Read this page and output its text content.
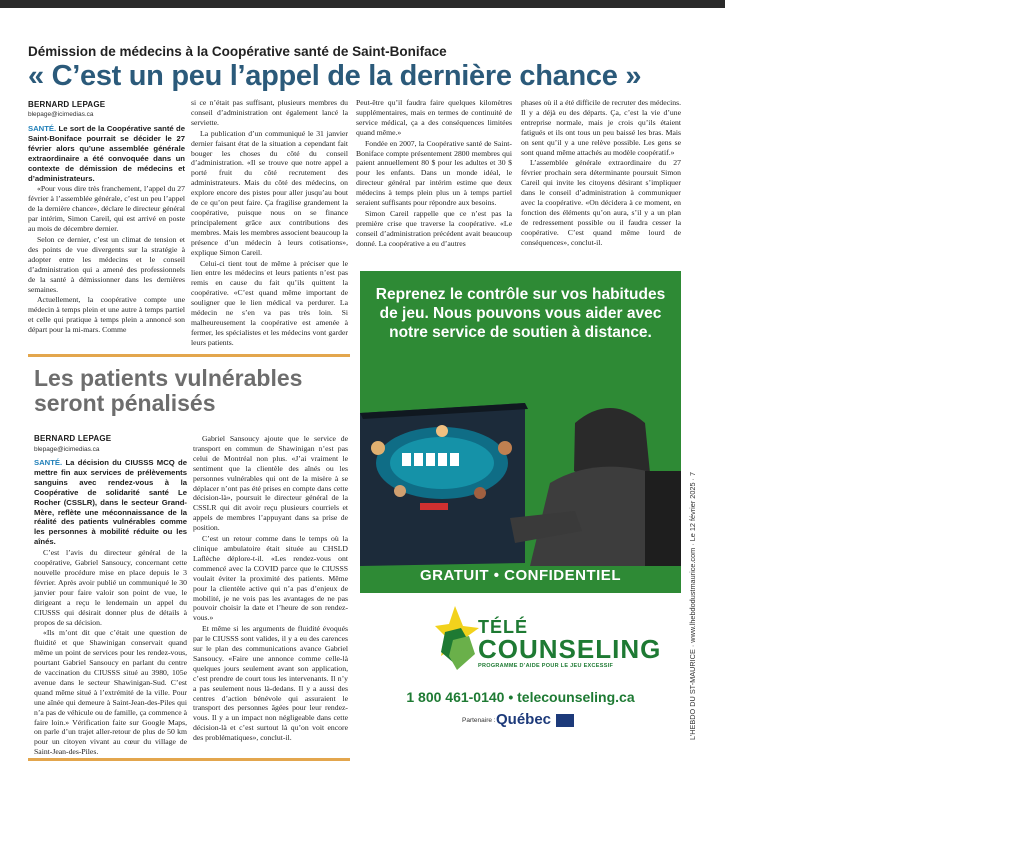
Démission de médecins à la Coopérative santé de Saint-Boniface
« C’est un peu l’appel de la dernière chance »
BERNARD LEPAGE
blepage@icimedias.ca

SANTÉ. Le sort de la Coopérative santé de Saint-Boniface pourrait se décider le 27 février alors qu’une assemblée générale extraordinaire a été convoquée dans un contexte de démission de médecins et d’administrateurs.

«Pour vous dire très franchement, l’appel du 27 février à l’assemblée générale, c’est un peu l’appel de la dernière chance», déclare le directeur général par intérim, Simon Careil, qui est arrivé en poste au mois de décembre dernier.

Selon ce dernier, c’est un climat de tension et des points de vue divergents sur la stratégie à adopter entre les médecins et le conseil d’administration qui a amené des professionnels de la santé à démissionner dans les dernières semaines.

Actuellement, la coopérative compte une médecin à temps plein et une autre à temps partiel et celle qui pratique à temps plein a annoncé son départ pour la mi-mars. Comme

si ce n’était pas suffisant, plusieurs membres du conseil d’administration ont également lancé la serviette.

La publication d’un communiqué le 31 janvier dernier faisant état de la situation a cependant fait bouger les choses du côté du conseil d’administration. «Il se trouve que notre appel a porté fruit du côté recrutement des administrateurs. Mais du côté des médecins, on explore encore des pistes pour aller jusqu’au bout de ce qu’on peut faire. Ça fragilise grandement la coopérative, puisque nous on se finance principalement grâce aux contributions des membres. Mais les membres associent beaucoup la présence d’un médecin à leurs cotisations», explique Simon Careil.

Celui-ci tient tout de même à préciser que le lien entre les médecins et leurs patients n’est pas remis en cause du fait qu’ils quittent la coopérative. «C’est quand même important de souligner que le lien médical va perdurer. La médecin ne s’en va pas très loin. Si malheureusement la coopérative est amenée à fermer, les spécialistes et les médecins vont garder leurs patients.

Peut-être qu’il faudra faire quelques kilomètres supplémentaires, mais en termes de continuité de service médical, ça a des conséquences limitées quand même.»

Fondée en 2007, la Coopérative santé de Saint-Boniface compte présentement 2800 membres qui paient annuellement 80 $ pour les adultes et 30 $ pour les enfants. Dans un monde idéal, le directeur général par intérim estime que deux médecins à temps plein plus un à temps partiel seraient suffisants pour répondre aux besoins.

Simon Careil rappelle que ce n’est pas la première crise que traverse la coopérative. «Le conseil d’administration précédent avait beaucoup donné. La coopérative a eu d’autres

phases où il a été difficile de recruter des médecins. Il y a déjà eu des départs. Ça, c’est la vie d’une entreprise normale, mais je crois qu’ils étaient fatigués et ils ont tous un peu baissé les bras. Mais on sent qu’il y a une relève possible. Les gens se sont quand même attachés au modèle coopératif.»

L’assemblée générale extraordinaire du 27 février prochain sera déterminante poursuit Simon Careil qui invite les citoyens désirant s’impliquer dans le conseil d’administration à communiquer avec la coopérative. «On décidera à ce moment, en fonction des éléments qu’on aura, s’il y a un plan de redressement possible ou il faudra cesser la coopérative. C’est quand même lourd de conséquences», conclut-il.

Les patients vulnérables seront pénalisés
BERNARD LEPAGE
blepage@icimedias.ca

SANTÉ. La décision du CIUSSS MCQ de mettre fin aux services de prélèvements sanguins avec rendez-vous à la Coopérative de solidarité santé Le Rocher (CSSLR), dans le secteur Grand-Mère, reflète une méconnaissance de la réalité des patients vulnérables comme les personnes à mobilité réduite ou les aînés.

C’est l’avis du directeur général de la coopérative, Gabriel Sansoucy, concernant cette nouvelle procédure mise en place depuis le 3 février. Après avoir publié un communiqué le 30 janvier pour faire valoir son point de vue, le dirigeant a reçu le lendemain un appel du CIUSSS qui désirait donner plus de détails à propos de sa décision.

«Ils m’ont dit que c’était une question de fluidité et que Shawinigan conservait quand même un point de services pour les rendez-vous, pourtant Gabriel Sansoucy en parlant du centre de vaccination du CIUSSS situé au 3980, 105e avenue dans le secteur Shawinigan-Sud. C’est quand même situé à l’extrémité de la ville. Pour une aînée qui demeure à Saint-Jean-des-Piles qui n’a pas de véhicule ou de famille, ça commence à faire loin.» Vérification faite sur Google Maps, on parle d’un trajet aller-retour de plus de 50 km pour un citoyen vivant au cœur du village de Saint-Jean-des-Piles.

Gabriel Sansoucy ajoute que le service de transport en commun de Shawinigan n’est pas celui de Montréal non plus. «J’ai vraiment le sentiment que la clientèle des aînés ou les personnes vulnérables qui ont de la misère à se déplacer n’ont pas été prises en compte dans cette décision-là», poursuit le directeur général de la CSSLR qui dit avoir reçu plusieurs courriels et appels de membres l’appuyant dans sa prise de position.

C’est un retour comme dans le temps où la clinique ambulatoire était située au CHSLD Laflèche déplore-t-il. «Les rendez-vous ont commencé avec la COVID parce que le CIUSSS voulait éviter la proximité des patients. Même pour la clientèle active qui n’a pas d’enjeux de mobilité, je ne vois pas les avantages de ne pas pouvoir choisir la date et l’heure de son rendez-vous.»

Et même si les arguments de fluidité évoqués par le CIUSSS sont valides, il y a eu des carences sur le plan des communications avance Gabriel Sansoucy. «Faire une annonce comme celle-là quelques jours seulement avant son application, c’est prendre de court tous les intervenants. Il n’y a pas seulement nous là-dedans. Il y a aussi des centres d’action bénévole qui assuraient le transport des personnes âgées pour leur rendez-vous. Il y a un impact non négligeable dans cette décision-là et c’est surtout là qu’on voit encore des problématiques», conclut-il.

Reprenez le contrôle sur vos habitudes de jeu. Nous pouvons vous aider avec notre service de soutien à distance.
GRATUIT • CONFIDENTIEL
TÉLÉ
COUNSELING
PROGRAMME D’AIDE POUR LE JEU EXCESSIF
1 800 461-0140 • telecounseling.ca
Partenaire : Québec
©Getty
L’HEBDO DU ST-MAURICE · www.lhebdodustmaurice.com · Le 12 février 2025 · 7
